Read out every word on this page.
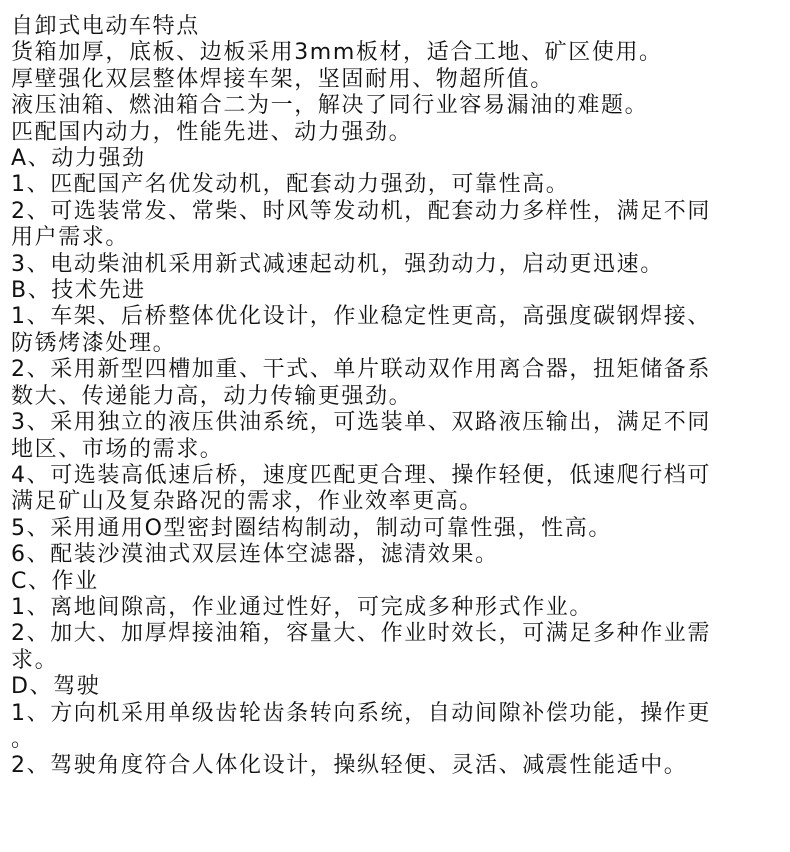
自卸式电动车特点
货箱加厚，底板、边板采用3mm板材，适合工地、矿区使用。
厚壁强化双层整体焊接车架，坚固耐用、物超所值。
液压油箱、燃油箱合二为一，解决了同行业容易漏油的难题。
匹配国内动力，性能先进、动力强劲。
A、动力强劲
1、匹配国产名优发动机，配套动力强劲，可靠性高。
2、可选装常发、常柴、时风等发动机，配套动力多样性，满足不同
用户需求。
3、电动柴油机采用新式减速起动机，强劲动力，启动更迅速。
B、技术先进
1、车架、后桥整体优化设计，作业稳定性更高，高强度碳钢焊接、
防锈烤漆处理。
2、采用新型四槽加重、干式、单片联动双作用离合器，扭矩储备系
数大、传递能力高，动力传输更强劲。
3、采用独立的液压供油系统，可选装单、双路液压输出，满足不同
地区、市场的需求。
4、可选装高低速后桥，速度匹配更合理、操作轻便，低速爬行档可
满足矿山及复杂路况的需求，作业效率更高。
5、采用通用O型密封圈结构制动，制动可靠性强，性高。
6、配装沙漠油式双层连体空滤器，滤清效果。
C、作业
1、离地间隙高，作业通过性好，可完成多种形式作业。
2、加大、加厚焊接油箱，容量大、作业时效长，可满足多种作业需
求。
D、驾驶
1、方向机采用单级齿轮齿条转向系统，自动间隙补偿功能，操作更
。
2、驾驶角度符合人体化设计，操纵轻便、灵活、减震性能适中。
